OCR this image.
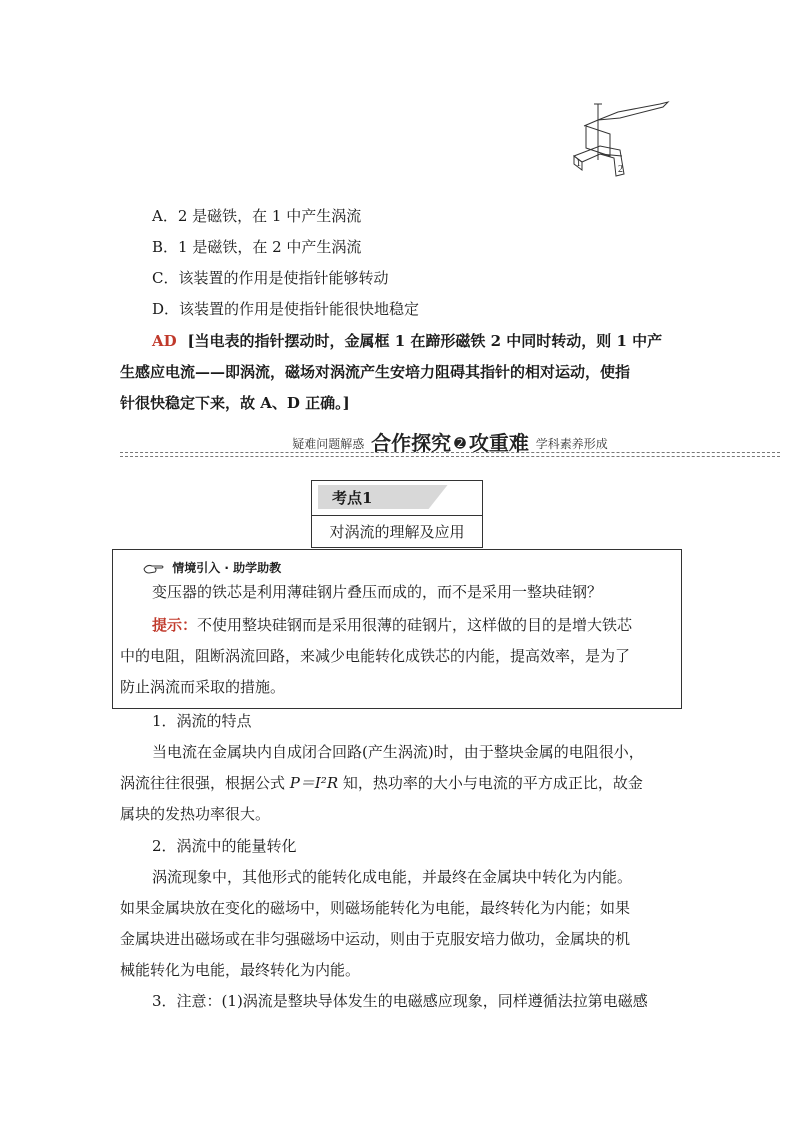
1
2
A．2 是磁铁，在 1 中产生涡流
B．1 是磁铁，在 2 中产生涡流
C．该装置的作用是使指针能够转动
D．该装置的作用是使指针能很快地稳定
AD [当电表的指针摆动时，金属框 1 在蹄形磁铁 2 中同时转动，则 1 中产
生感应电流——即涡流，磁场对涡流产生安培力阻碍其指针的相对运动，使指
针很快稳定下来，故 A、D 正确。]
疑难问题解惑 合作探究 ➋ 攻重难 学科素养形成
考点1
对涡流的理解及应用
情境引入 · 助学助教
变压器的铁芯是利用薄硅钢片叠压而成的，而不是采用一整块硅钢？
提示：不使用整块硅钢而是采用很薄的硅钢片，这样做的目的是增大铁芯
中的电阻，阻断涡流回路，来减少电能转化成铁芯的内能，提高效率，是为了
防止涡流而采取的措施。
1．涡流的特点
当电流在金属块内自成闭合回路(产生涡流)时，由于整块金属的电阻很小，
涡流往往很强，根据公式 P＝I²R 知，热功率的大小与电流的平方成正比，故金
属块的发热功率很大。
2．涡流中的能量转化
涡流现象中，其他形式的能转化成电能，并最终在金属块中转化为内能。
如果金属块放在变化的磁场中，则磁场能转化为电能，最终转化为内能；如果
金属块进出磁场或在非匀强磁场中运动，则由于克服安培力做功，金属块的机
械能转化为电能，最终转化为内能。
3．注意：(1)涡流是整块导体发生的电磁感应现象，同样遵循法拉第电磁感
